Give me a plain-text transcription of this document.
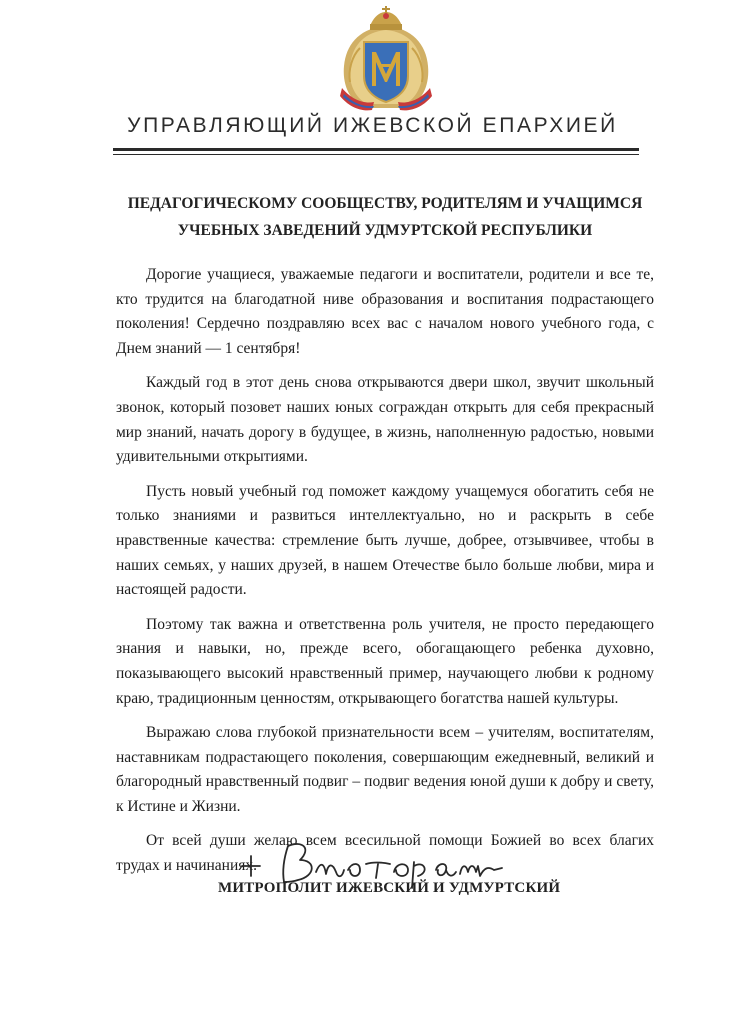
УПРАВЛЯЮЩИЙ ИЖЕВСКОЙ ЕПАРХИЕЙ
ПЕДАГОГИЧЕСКОМУ СООБЩЕСТВУ, РОДИТЕЛЯМ И УЧАЩИМСЯ
УЧЕБНЫХ ЗАВЕДЕНИЙ УДМУРТСКОЙ РЕСПУБЛИКИ

Дорогие учащиеся, уважаемые педагоги и воспитатели, родители и все те, кто трудится на благодатной ниве образования и воспитания подрастающего поколения! Сердечно поздравляю всех вас с началом нового учебного года, с Днем знаний — 1 сентября!

Каждый год в этот день снова открываются двери школ, звучит школьный звонок, который позовет наших юных сограждан открыть для себя прекрасный мир знаний, начать дорогу в будущее, в жизнь, наполненную радостью, новыми удивительными открытиями.

Пусть новый учебный год поможет каждому учащемуся обогатить себя не только знаниями и развиться интеллектуально, но и раскрыть в себе нравственные качества: стремление быть лучше, добрее, отзывчивее, чтобы в наших семьях, у наших друзей, в нашем Отечестве было больше любви, мира и настоящей радости.

Поэтому так важна и ответственна роль учителя, не просто передающего знания и навыки, но, прежде всего, обогащающего ребенка духовно, показывающего высокий нравственный пример, научающего любви к родному краю, традиционным ценностям, открывающего богатства нашей культуры.

Выражаю слова глубокой признательности всем – учителям, воспитателям, наставникам подрастающего поколения, совершающим ежедневный, великий и благородный нравственный подвиг – подвиг ведения юной души к добру и свету, к Истине и Жизни.

От всей души желаю всем всесильной помощи Божией во всех благих трудах и начинаниях.

МИТРОПОЛИТ ИЖЕВСКИЙ И УДМУРТСКИЙ
